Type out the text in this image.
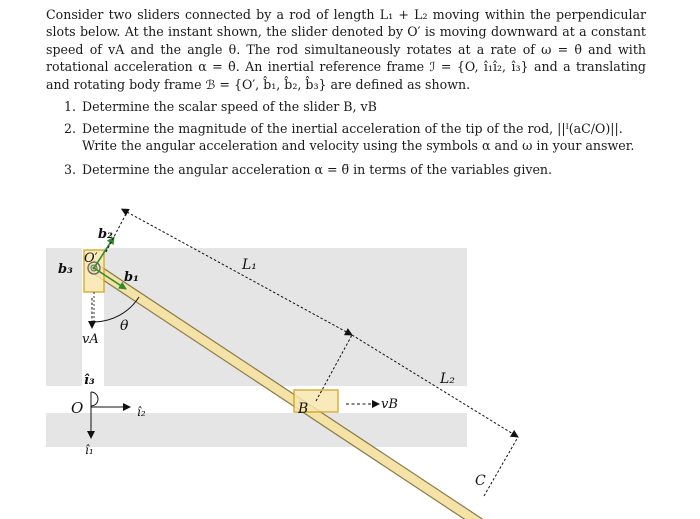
Consider two sliders connected by a rod of length L₁ + L₂ moving within the perpendicular slots below. At the instant shown, the slider denoted by O′ is moving downward at a constant speed of vA and the angle θ. The rod simultaneously rotates at a rate of ω = θ̇ and with rotational acceleration α = θ̇. An inertial reference frame ℐ = {O, î₁î₂, î₃} and a translating and rotating body frame ℬ = {O′, b̂₁, b̂₂, b̂₃} are defined as shown.

1. Determine the scalar speed of the slider B, vB
2. Determine the magnitude of the inertial acceleration of the tip of the rod, ||ᴵ(aC/O)||. Write the angular acceleration and velocity using the symbols α and ω in your answer.
3. Determine the angular acceleration α = θ̈ in terms of the variables given.
L₁
L₂
b₁
b₂
b₃
O′
θ
vA
î₃
O	î₂
î₁
B	vB
C
